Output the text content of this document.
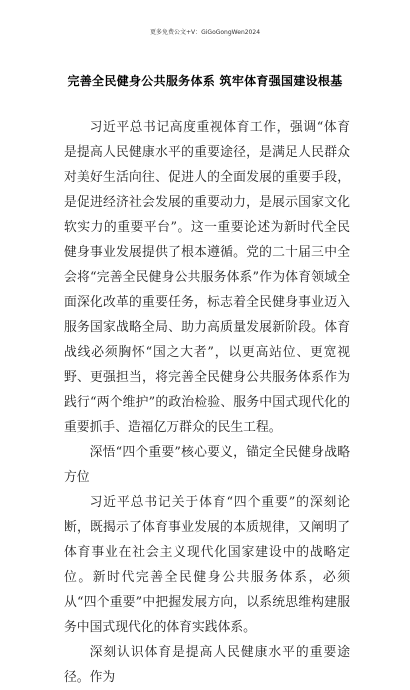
更多免费公文+V：GiGoGongWen2024
完善全民健身公共服务体系 筑牢体育强国建设根基

习近平总书记高度重视体育工作，强调“体育是提高人民健康水平的重要途径，是满足人民群众对美好生活向往、促进人的全面发展的重要手段，是促进经济社会发展的重要动力，是展示国家文化软实力的重要平台”。这一重要论述为新时代全民健身事业发展提供了根本遵循。党的二十届三中全会将“完善全民健身公共服务体系”作为体育领域全面深化改革的重要任务，标志着全民健身事业迈入服务国家战略全局、助力高质量发展新阶段。体育战线必须胸怀“国之大者”，以更高站位、更宽视野、更强担当，将完善全民健身公共服务体系作为践行“两个维护”的政治检验、服务中国式现代化的重要抓手、造福亿万群众的民生工程。

深悟“四个重要”核心要义，锚定全民健身战略方位

习近平总书记关于体育“四个重要”的深刻论断，既揭示了体育事业发展的本质规律，又阐明了体育事业在社会主义现代化国家建设中的战略定位。新时代完善全民健身公共服务体系，必须从“四个重要”中把握发展方向，以系统思维构建服务中国式现代化的体育实践体系。

深刻认识体育是提高人民健康水平的重要途径。作为
